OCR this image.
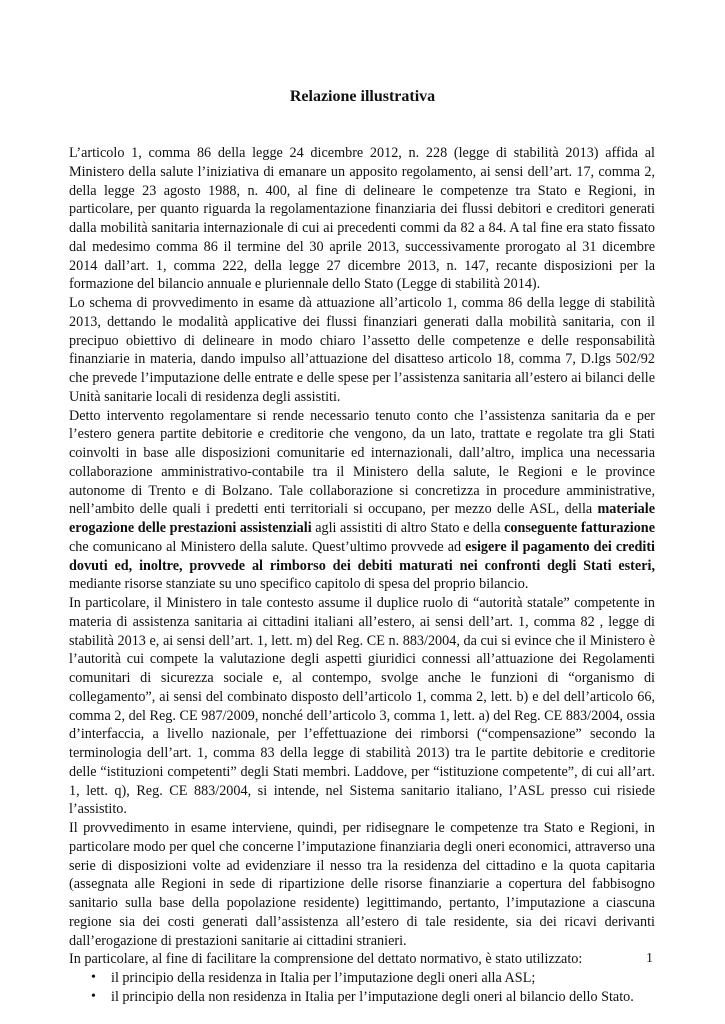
Relazione illustrativa

L’articolo 1, comma 86 della legge 24 dicembre 2012, n. 228 (legge di stabilità 2013) affida al Ministero della salute l’iniziativa di emanare un apposito regolamento, ai sensi dell’art. 17, comma 2, della legge 23 agosto 1988, n. 400, al fine di delineare le competenze tra Stato e Regioni, in particolare, per quanto riguarda la regolamentazione finanziaria dei flussi debitori e creditori generati dalla mobilità sanitaria internazionale di cui ai precedenti commi da 82 a 84. A tal fine era stato fissato dal medesimo comma 86 il termine del 30 aprile 2013, successivamente prorogato al 31 dicembre 2014 dall’art. 1, comma 222, della legge 27 dicembre 2013, n. 147, recante disposizioni per la formazione del bilancio annuale e pluriennale dello Stato (Legge di stabilità 2014).

Lo schema di provvedimento in esame dà attuazione all’articolo 1, comma 86 della legge di stabilità 2013, dettando le modalità applicative dei flussi finanziari generati dalla mobilità sanitaria, con il precipuo obiettivo di delineare in modo chiaro l’assetto delle competenze e delle responsabilità finanziarie in materia, dando impulso all’attuazione del disatteso articolo 18, comma 7, D.lgs 502/92 che prevede l’imputazione delle entrate e delle spese per l’assistenza sanitaria all’estero ai bilanci delle Unità sanitarie locali di residenza degli assistiti.

Detto intervento regolamentare si rende necessario tenuto conto che l’assistenza sanitaria da e per l’estero genera partite debitorie e creditorie che vengono, da un lato, trattate e regolate tra gli Stati coinvolti in base alle disposizioni comunitarie ed internazionali, dall’altro, implica una necessaria collaborazione amministrativo-contabile tra il Ministero della salute, le Regioni e le province autonome di Trento e di Bolzano. Tale collaborazione si concretizza in procedure amministrative, nell’ambito delle quali i predetti enti territoriali si occupano, per mezzo delle ASL, della materiale erogazione delle prestazioni assistenziali agli assistiti di altro Stato e della conseguente fatturazione che comunicano al Ministero della salute. Quest’ultimo provvede ad esigere il pagamento dei crediti dovuti ed, inoltre, provvede al rimborso dei debiti maturati nei confronti degli Stati esteri, mediante risorse stanziate su uno specifico capitolo di spesa del proprio bilancio.

In particolare, il Ministero in tale contesto assume il duplice ruolo di “autorità statale” competente in materia di assistenza sanitaria ai cittadini italiani all’estero, ai sensi dell’art. 1, comma 82 , legge di stabilità 2013 e, ai sensi dell’art. 1, lett. m) del Reg. CE n. 883/2004, da cui si evince che il Ministero è l’autorità cui compete la valutazione degli aspetti giuridici connessi all’attuazione dei Regolamenti comunitari di sicurezza sociale e, al contempo, svolge anche le funzioni di “organismo di collegamento”, ai sensi del combinato disposto dell’articolo 1, comma 2, lett. b) e del dell’articolo 66, comma 2, del Reg. CE 987/2009, nonché dell’articolo 3, comma 1, lett. a) del Reg. CE 883/2004, ossia d’interfaccia, a livello nazionale, per l’effettuazione dei rimborsi (“compensazione” secondo la terminologia dell’art. 1, comma 83 della legge di stabilità 2013) tra le partite debitorie e creditorie delle “istituzioni competenti” degli Stati membri. Laddove, per “istituzione competente”, di cui all’art. 1, lett. q), Reg. CE 883/2004, si intende, nel Sistema sanitario italiano, l’ASL presso cui risiede l’assistito.

Il provvedimento in esame interviene, quindi, per ridisegnare le competenze tra Stato e Regioni, in particolare modo per quel che concerne l’imputazione finanziaria degli oneri economici, attraverso una serie di disposizioni volte ad evidenziare il nesso tra la residenza del cittadino e la quota capitaria (assegnata alle Regioni in sede di ripartizione delle risorse finanziarie a copertura del fabbisogno sanitario sulla base della popolazione residente) legittimando, pertanto, l’imputazione a ciascuna regione sia dei costi generati dall’assistenza all’estero di tale residente, sia dei ricavi derivanti dall’erogazione di prestazioni sanitarie ai cittadini stranieri.

In particolare, al fine di facilitare la comprensione del dettato normativo, è stato utilizzato:

• il principio della residenza in Italia per l’imputazione degli oneri alla ASL;
• il principio della non residenza in Italia per l’imputazione degli oneri al bilancio dello Stato.
1
